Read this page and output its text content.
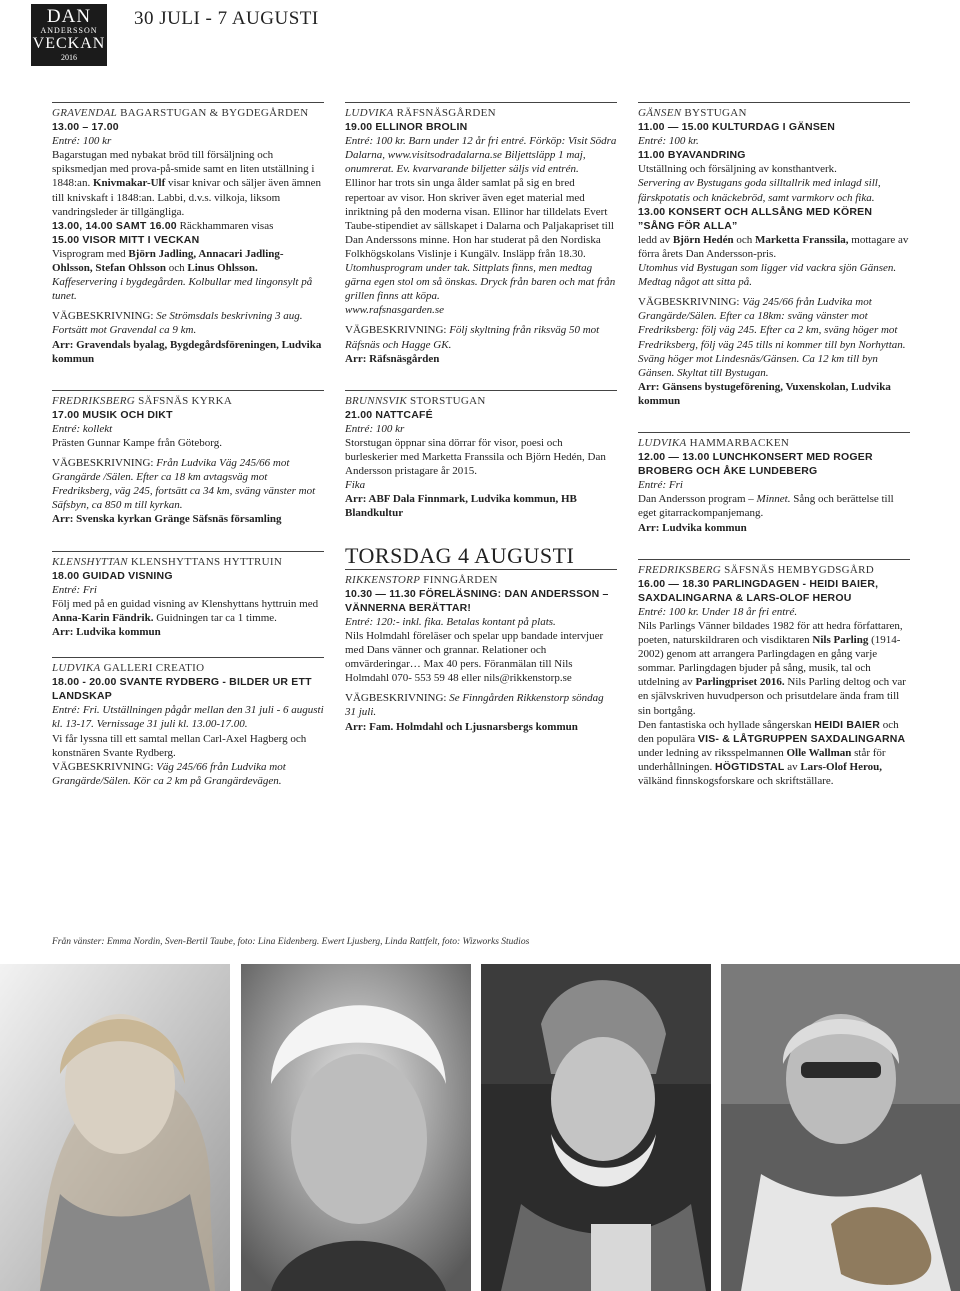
DAN
ANDERSSON
VECKAN
2016
30 JULI - 7 AUGUSTI
GRAVENDAL BAGARSTUGAN & BYGDEGÅRDEN
13.00 – 17.00
Entré: 100 kr

Bagarstugan med nybakat bröd till försäljning och spiksmedjan med prova-på-smide samt en liten utställning i 1848:an. Knivmakar-Ulf visar knivar och säljer även ämnen till knivskaft i 1848:an. Labbi, d.v.s. vilkoja, liksom vandringsleder är tillgängliga.

13.00, 14.00 SAMT 16.00 Räckhammaren visas

15.00 VISOR MITT I VECKAN

Visprogram med Björn Jadling, Annacari Jadling-Ohlsson, Stefan Ohlsson och Linus Ohlsson.

Kaffeservering i bygdegården. Kolbullar med lingonsylt på tunet.

VÄGBESKRIVNING: Se Strömsdals beskrivning 3 aug. Fortsätt mot Gravendal ca 9 km.

Arr: Gravendals byalag, Bygdegårdsföreningen, Ludvika kommun

FREDRIKSBERG SÄFSNÄS KYRKA
17.00 MUSIK OCH DIKT
Entré: kollekt

Prästen Gunnar Kampe från Göteborg.

VÄGBESKRIVNING: Från Ludvika Väg 245/66 mot Grangärde /Sälen. Efter ca 18 km avtagsväg mot Fredriksberg, väg 245, fortsätt ca 34 km, sväng vänster mot Säfsbyn, ca 850 m till kyrkan.

Arr: Svenska kyrkan Gränge Säfsnäs församling

KLENSHYTTAN KLENSHYTTANS HYTTRUIN
18.00 GUIDAD VISNING
Entré: Fri

Följ med på en guidad visning av Klenshyttans hyttruin med Anna-Karin Fändrik. Guidningen tar ca 1 timme.

Arr: Ludvika kommun

LUDVIKA GALLERI CREATIO
18.00 - 20.00 SVANTE RYDBERG - BILDER UR ETT LANDSKAP
Entré: Fri. Utställningen pågår mellan den 31 juli - 6 augusti kl. 13-17. Vernissage 31 juli kl. 13.00-17.00.

Vi får lyssna till ett samtal mellan Carl-Axel Hagberg och konstnären Svante Rydberg.

VÄGBESKRIVNING: Väg 245/66 från Ludvika mot Grangärde/Sälen. Kör ca 2 km på Grangärdevägen.

LUDVIKA RÄFSNÄSGÅRDEN
19.00 ELLINOR BROLIN

Entré: 100 kr. Barn under 12 år fri entré. Förköp: Visit Södra Dalarna, www.visitsodradalarna.se Biljettsläpp 1 maj, onumrerat. Ev. kvarvarande biljetter säljs vid entrén.

Ellinor har trots sin unga ålder samlat på sig en bred repertoar av visor. Hon skriver även eget material med inriktning på den moderna visan. Ellinor har tilldelats Evert Taube-stipendiet av sällskapet i Dalarna och Paljakapriset till Dan Anderssons minne. Hon har studerat på den Nordiska Folkhögskolans Vislinje i Kungälv. Insläpp från 18.30.

Utomhusprogram under tak. Sittplats finns, men medtag gärna egen stol om så önskas. Dryck från baren och mat från grillen finns att köpa.

www.rafsnasgarden.se

VÄGBESKRIVNING: Följ skyltning från riksväg 50 mot Räfsnäs och Hagge GK.

Arr: Räfsnäsgården

BRUNNSVIK STORSTUGAN
21.00 NATTCAFÉ
Entré: 100 kr

Storstugan öppnar sina dörrar för visor, poesi och burleskerier med Marketta Franssila och Björn Hedén, Dan Andersson pristagare år 2015.

Fika

Arr: ABF Dala Finnmark, Ludvika kommun, HB Blandkultur

TORSDAG 4 AUGUSTI
RIKKENSTORP FINNGÅRDEN
10.30 — 11.30 FÖRELÄSNING: DAN ANDERSSON – VÄNNERNA BERÄTTAR!
Entré: 120:- inkl. fika. Betalas kontant på plats.

Nils Holmdahl föreläser och spelar upp bandade intervjuer med Dans vänner och grannar. Relationer och omvärderingar… Max 40 pers. Föranmälan till Nils Holmdahl 070- 553 59 48 eller nils@rikkenstorp.se

VÄGBESKRIVNING: Se Finngården Rikkenstorp söndag 31 juli.

Arr: Fam. Holmdahl och Ljusnarsbergs kommun

GÄNSEN BYSTUGAN
11.00 — 15.00 KULTURDAG I GÄNSEN
Entré: 100 kr.
11.00 BYAVANDRING

Utställning och försäljning av konsthantverk.

Servering av Bystugans goda silltallrik med inlagd sill, färskpotatis och knäckebröd, samt varmkorv och fika.

13.00 KONSERT OCH ALLSÅNG MED KÖREN ”SÅNG FÖR ALLA”

ledd av Björn Hedén och Marketta Franssila, mottagare av förra årets Dan Andersson-pris.

Utomhus vid Bystugan som ligger vid vackra sjön Gänsen. Medtag något att sitta på.

VÄGBESKRIVNING: Väg 245/66 från Ludvika mot Grangärde/Sälen. Efter ca 18km: sväng vänster mot Fredriksberg: följ väg 245. Efter ca 2 km, sväng höger mot Fredriksberg, följ väg 245 tills ni kommer till byn Norhyttan. Sväng höger mot Lindesnäs/Gänsen. Ca 12 km till byn Gänsen. Skyltat till Bystugan.

Arr: Gänsens bystugeförening, Vuxenskolan, Ludvika kommun

LUDVIKA HAMMARBACKEN
12.00 — 13.00 LUNCHKONSERT MED ROGER BROBERG OCH ÅKE LUNDEBERG
Entré: Fri

Dan Andersson program – Minnet. Sång och berättelse till eget gitarrackompanjemang.

Arr: Ludvika kommun

FREDRIKSBERG SÄFSNÄS HEMBYGDSGÅRD
16.00 — 18.30 PARLINGDAGEN - HEIDI BAIER, SAXDALINGARNA & LARS-OLOF HEROU
Entré: 100 kr. Under 18 år fri entré.

Nils Parlings Vänner bildades 1982 för att hedra författaren, poeten, naturskildraren och visdiktaren Nils Parling (1914-2002) genom att arrangera Parlingdagen en gång varje sommar. Parlingdagen bjuder på sång, musik, tal och utdelning av Parlingpriset 2016. Nils Parling deltog och var en självskriven huvudperson och prisutdelare ända fram till sin bortgång.

Den fantastiska och hyllade sångerskan HEIDI BAIER och den populära VIS- & LÅTGRUPPEN SAXDALINGARNA under ledning av riksspelmannen Olle Wallman står för underhållningen. HÖGTIDSTAL av Lars-Olof Herou, välkänd finnskogsforskare och skriftställare.

Från vänster: Emma Nordin, Sven-Bertil Taube, foto: Lina Eidenberg. Ewert Ljusberg, Linda Rattfelt, foto: Wizworks Studios
